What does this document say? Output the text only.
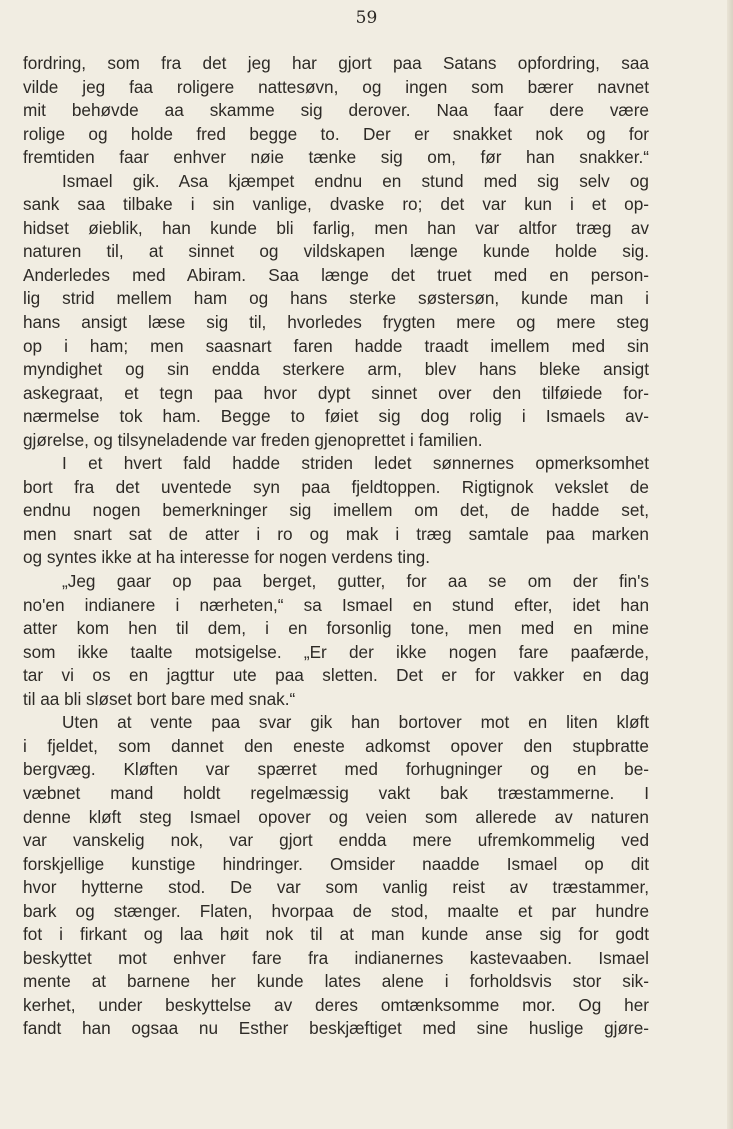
59
fordring, som fra det jeg har gjort paa Satans opfordring, saa
vilde jeg faa roligere nattesøvn, og ingen som bærer navnet
mit behøvde aa skamme sig derover. Naa faar dere være
rolige og holde fred begge to. Der er snakket nok og for
fremtiden faar enhver nøie tænke sig om, før han snakker.“
Ismael gik. Asa kjæmpet endnu en stund med sig selv og
sank saa tilbake i sin vanlige, dvaske ro; det var kun i et op-
hidset øieblik, han kunde bli farlig, men han var altfor træg av
naturen til, at sinnet og vildskapen længe kunde holde sig.
Anderledes med Abiram. Saa længe det truet med en person-
lig strid mellem ham og hans sterke søstersøn, kunde man i
hans ansigt læse sig til, hvorledes frygten mere og mere steg
op i ham; men saasnart faren hadde traadt imellem med sin
myndighet og sin endda sterkere arm, blev hans bleke ansigt
askegraat, et tegn paa hvor dypt sinnet over den tilføiede for-
nærmelse tok ham. Begge to føiet sig dog rolig i Ismaels av-
gjørelse, og tilsyneladende var freden gjenoprettet i familien.
I et hvert fald hadde striden ledet sønnernes opmerksomhet
bort fra det uventede syn paa fjeldtoppen. Rigtignok vekslet de
endnu nogen bemerkninger sig imellem om det, de hadde set,
men snart sat de atter i ro og mak i træg samtale paa marken
og syntes ikke at ha interesse for nogen verdens ting.
„Jeg gaar op paa berget, gutter, for aa se om der fin's
no'en indianere i nærheten,“ sa Ismael en stund efter, idet han
atter kom hen til dem, i en forsonlig tone, men med en mine
som ikke taalte motsigelse. „Er der ikke nogen fare paafærde,
tar vi os en jagttur ute paa sletten. Det er for vakker en dag
til aa bli sløset bort bare med snak.“
Uten at vente paa svar gik han bortover mot en liten kløft
i fjeldet, som dannet den eneste adkomst opover den stupbratte
bergvæg. Kløften var spærret med forhugninger og en be-
væbnet mand holdt regelmæssig vakt bak træstammerne. I
denne kløft steg Ismael opover og veien som allerede av naturen
var vanskelig nok, var gjort endda mere ufremkommelig ved
forskjellige kunstige hindringer. Omsider naadde Ismael op dit
hvor hytterne stod. De var som vanlig reist av træstammer,
bark og stænger. Flaten, hvorpaa de stod, maalte et par hundre
fot i firkant og laa høit nok til at man kunde anse sig for godt
beskyttet mot enhver fare fra indianernes kastevaaben. Ismael
mente at barnene her kunde lates alene i forholdsvis stor sik-
kerhet, under beskyttelse av deres omtænksomme mor. Og her
fandt han ogsaa nu Esther beskjæftiget med sine huslige gjøre-
